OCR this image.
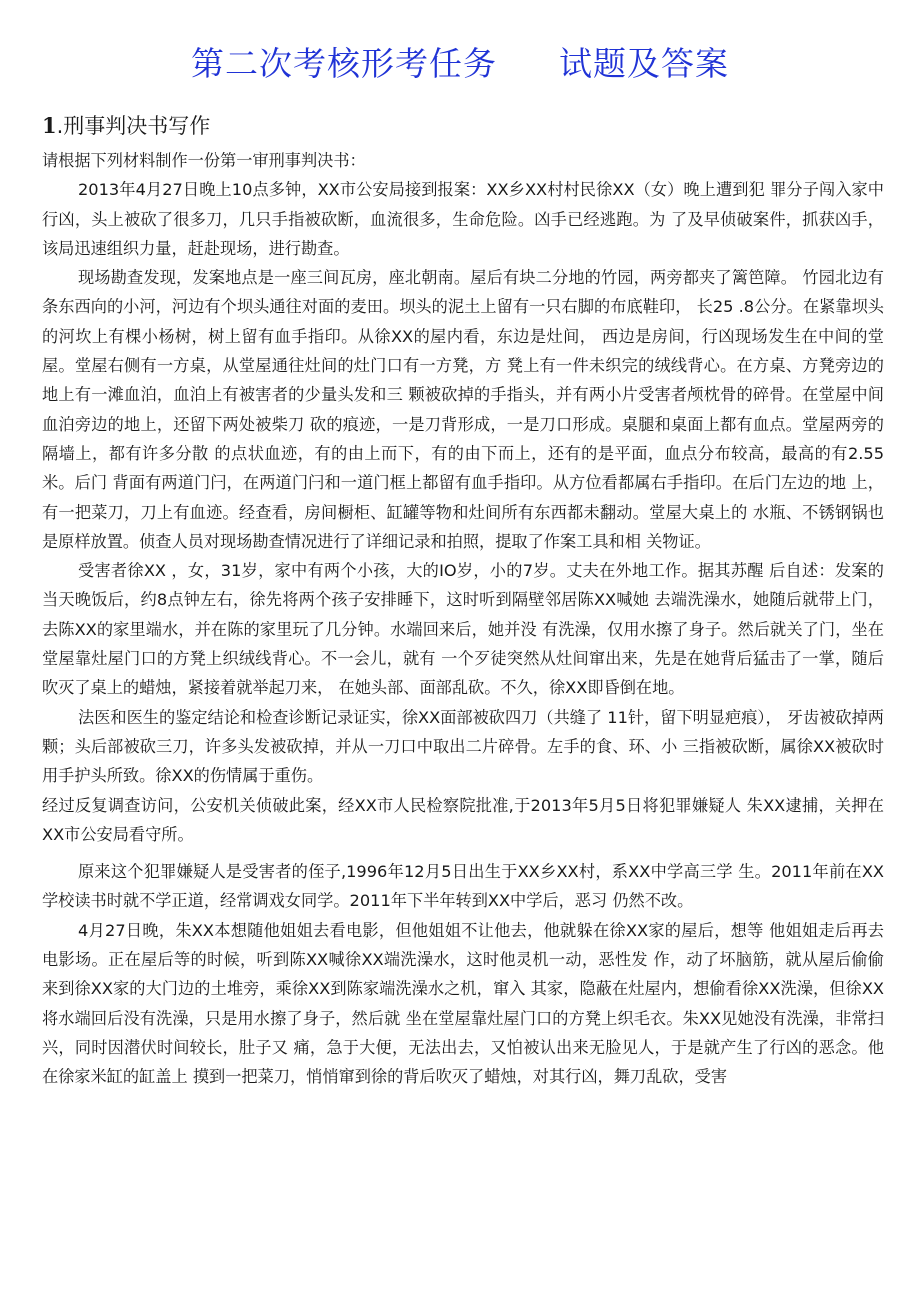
第二次考核形考任务 试题及答案
1.刑事判决书写作

请根据下列材料制作一份第一审刑事判决书：

2013年4月27日晚上10点多钟，XX市公安局接到报案：XX乡XX村村民徐XX（女）晚上遭到犯 罪分子闯入家中行凶，头上被砍了很多刀，几只手指被砍断，血流很多，生命危险。凶手已经逃跑。为 了及早侦破案件，抓获凶手，该局迅速组织力量，赶赴现场，进行勘查。

现场勘查发现，发案地点是一座三间瓦房，座北朝南。屋后有块二分地的竹园，两旁都夹了篱笆障。 竹园北边有条东西向的小河，河边有个坝头通往对面的麦田。坝头的泥土上留有一只右脚的布底鞋印， 长25 .8公分。在紧靠坝头的河坎上有棵小杨树，树上留有血手指印。从徐XX的屋内看，东边是灶间， 西边是房间，行凶现场发生在中间的堂屋。堂屋右侧有一方桌，从堂屋通往灶间的灶门口有一方凳，方 凳上有一件未织完的绒线背心。在方桌、方凳旁边的地上有一滩血泊，血泊上有被害者的少量头发和三 颗被砍掉的手指头，并有两小片受害者颅枕骨的碎骨。在堂屋中间血泊旁边的地上，还留下两处被柴刀 砍的痕迹，一是刀背形成，一是刀口形成。桌腿和桌面上都有血点。堂屋两旁的隔墙上，都有许多分散 的点状血迹，有的由上而下，有的由下而上，还有的是平面，血点分布较高，最高的有2.55米。后门 背面有两道门闩，在两道门闩和一道门框上都留有血手指印。从方位看都属右手指印。在后门左边的地 上，有一把菜刀，刀上有血迹。经查看，房间橱柜、缸罐等物和灶间所有东西都未翻动。堂屋大桌上的 水瓶、不锈钢锅也是原样放置。侦查人员对现场勘查情况进行了详细记录和拍照，提取了作案工具和相 关物证。

受害者徐XX ，女，31岁，家中有两个小孩，大的IO岁，小的7岁。丈夫在外地工作。据其苏醒 后自述：发案的当天晚饭后，约8点钟左右，徐先将两个孩子安排睡下，这时听到隔壁邻居陈XX喊她 去端洗澡水，她随后就带上门，去陈XX的家里端水，并在陈的家里玩了几分钟。水端回来后，她并没 有洗澡，仅用水擦了身子。然后就关了门，坐在堂屋靠灶屋门口的方凳上织绒线背心。不一会儿，就有 一个歹徒突然从灶间窜出来，先是在她背后猛击了一掌，随后吹灭了桌上的蜡烛，紧接着就举起刀来， 在她头部、面部乱砍。不久，徐XX即昏倒在地。

法医和医生的鉴定结论和检查诊断记录证实，徐XX面部被砍四刀（共缝了 11针，留下明显疤痕）， 牙齿被砍掉两颗；头后部被砍三刀，许多头发被砍掉，并从一刀口中取出二片碎骨。左手的食、环、小 三指被砍断，属徐XX被砍时用手护头所致。徐XX的伤情属于重伤。

经过反复调查访问，公安机关侦破此案，经XX市人民检察院批准,于2013年5月5日将犯罪嫌疑人 朱XX逮捕，关押在XX市公安局看守所。

原来这个犯罪嫌疑人是受害者的侄子,1996年12月5日出生于XX乡XX村，系XX中学高三学 生。2011年前在XX学校读书时就不学正道，经常调戏女同学。2011年下半年转到XX中学后，恶习 仍然不改。

4月27日晚，朱XX本想随他姐姐去看电影，但他姐姐不让他去，他就躲在徐XX家的屋后，想等 他姐姐走后再去电影场。正在屋后等的时候，听到陈XX喊徐XX端洗澡水，这时他灵机一动，恶性发 作，动了坏脑筋，就从屋后偷偷来到徐XX家的大门边的土堆旁，乘徐XX到陈家端洗澡水之机，窜入 其家，隐蔽在灶屋内，想偷看徐XX洗澡，但徐XX将水端回后没有洗澡，只是用水擦了身子，然后就 坐在堂屋靠灶屋门口的方凳上织毛衣。朱XX见她没有洗澡，非常扫兴，同时因潜伏时间较长，肚子又 痛，急于大便，无法出去，又怕被认出来无脸见人，于是就产生了行凶的恶念。他在徐家米缸的缸盖上 摸到一把菜刀，悄悄窜到徐的背后吹灭了蜡烛，对其行凶，舞刀乱砍，受害
